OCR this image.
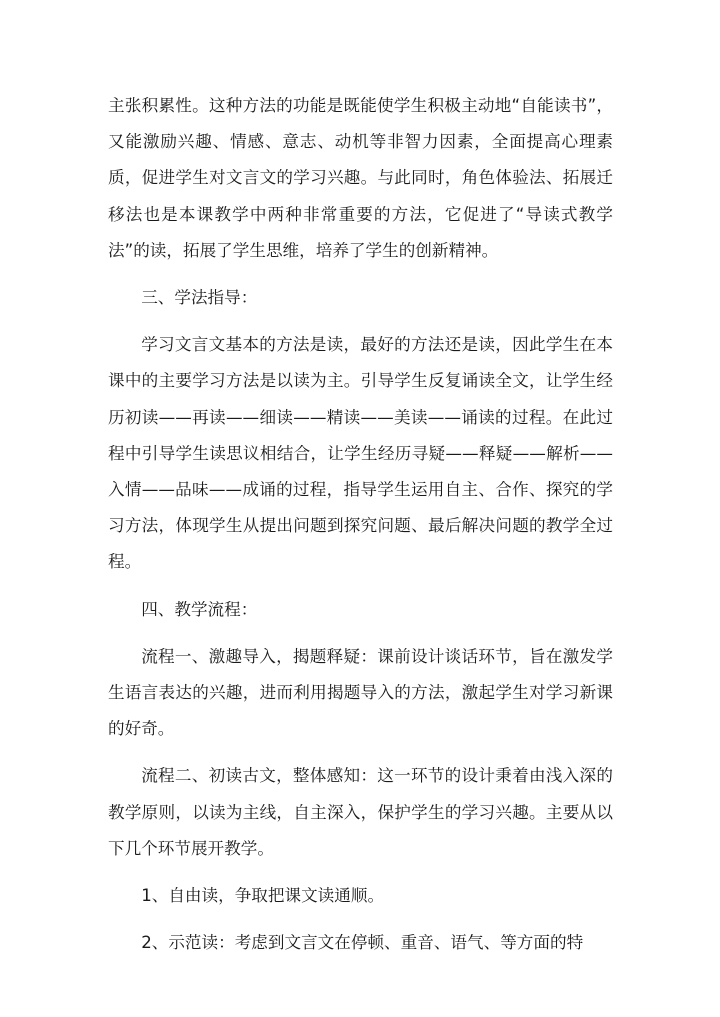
主张积累性。这种方法的功能是既能使学生积极主动地“自能读书”，又能激励兴趣、情感、意志、动机等非智力因素，全面提高心理素质，促进学生对文言文的学习兴趣。与此同时，角色体验法、拓展迁移法也是本课教学中两种非常重要的方法，它促进了“导读式教学法”的读，拓展了学生思维，培养了学生的创新精神。

三、学法指导：

学习文言文基本的方法是读，最好的方法还是读，因此学生在本课中的主要学习方法是以读为主。引导学生反复诵读全文，让学生经历初读——再读——细读——精读——美读——诵读的过程。在此过程中引导学生读思议相结合，让学生经历寻疑——释疑——解析——入情——品味——成诵的过程，指导学生运用自主、合作、探究的学习方法，体现学生从提出问题到探究问题、最后解决问题的教学全过程。

四、教学流程：

流程一、激趣导入，揭题释疑：课前设计谈话环节，旨在激发学生语言表达的兴趣，进而利用揭题导入的方法，激起学生对学习新课的好奇。

流程二、初读古文，整体感知：这一环节的设计秉着由浅入深的教学原则，以读为主线，自主深入，保护学生的学习兴趣。主要从以下几个环节展开教学。

1、自由读，争取把课文读通顺。

2、示范读：考虑到文言文在停顿、重音、语气、等方面的特
